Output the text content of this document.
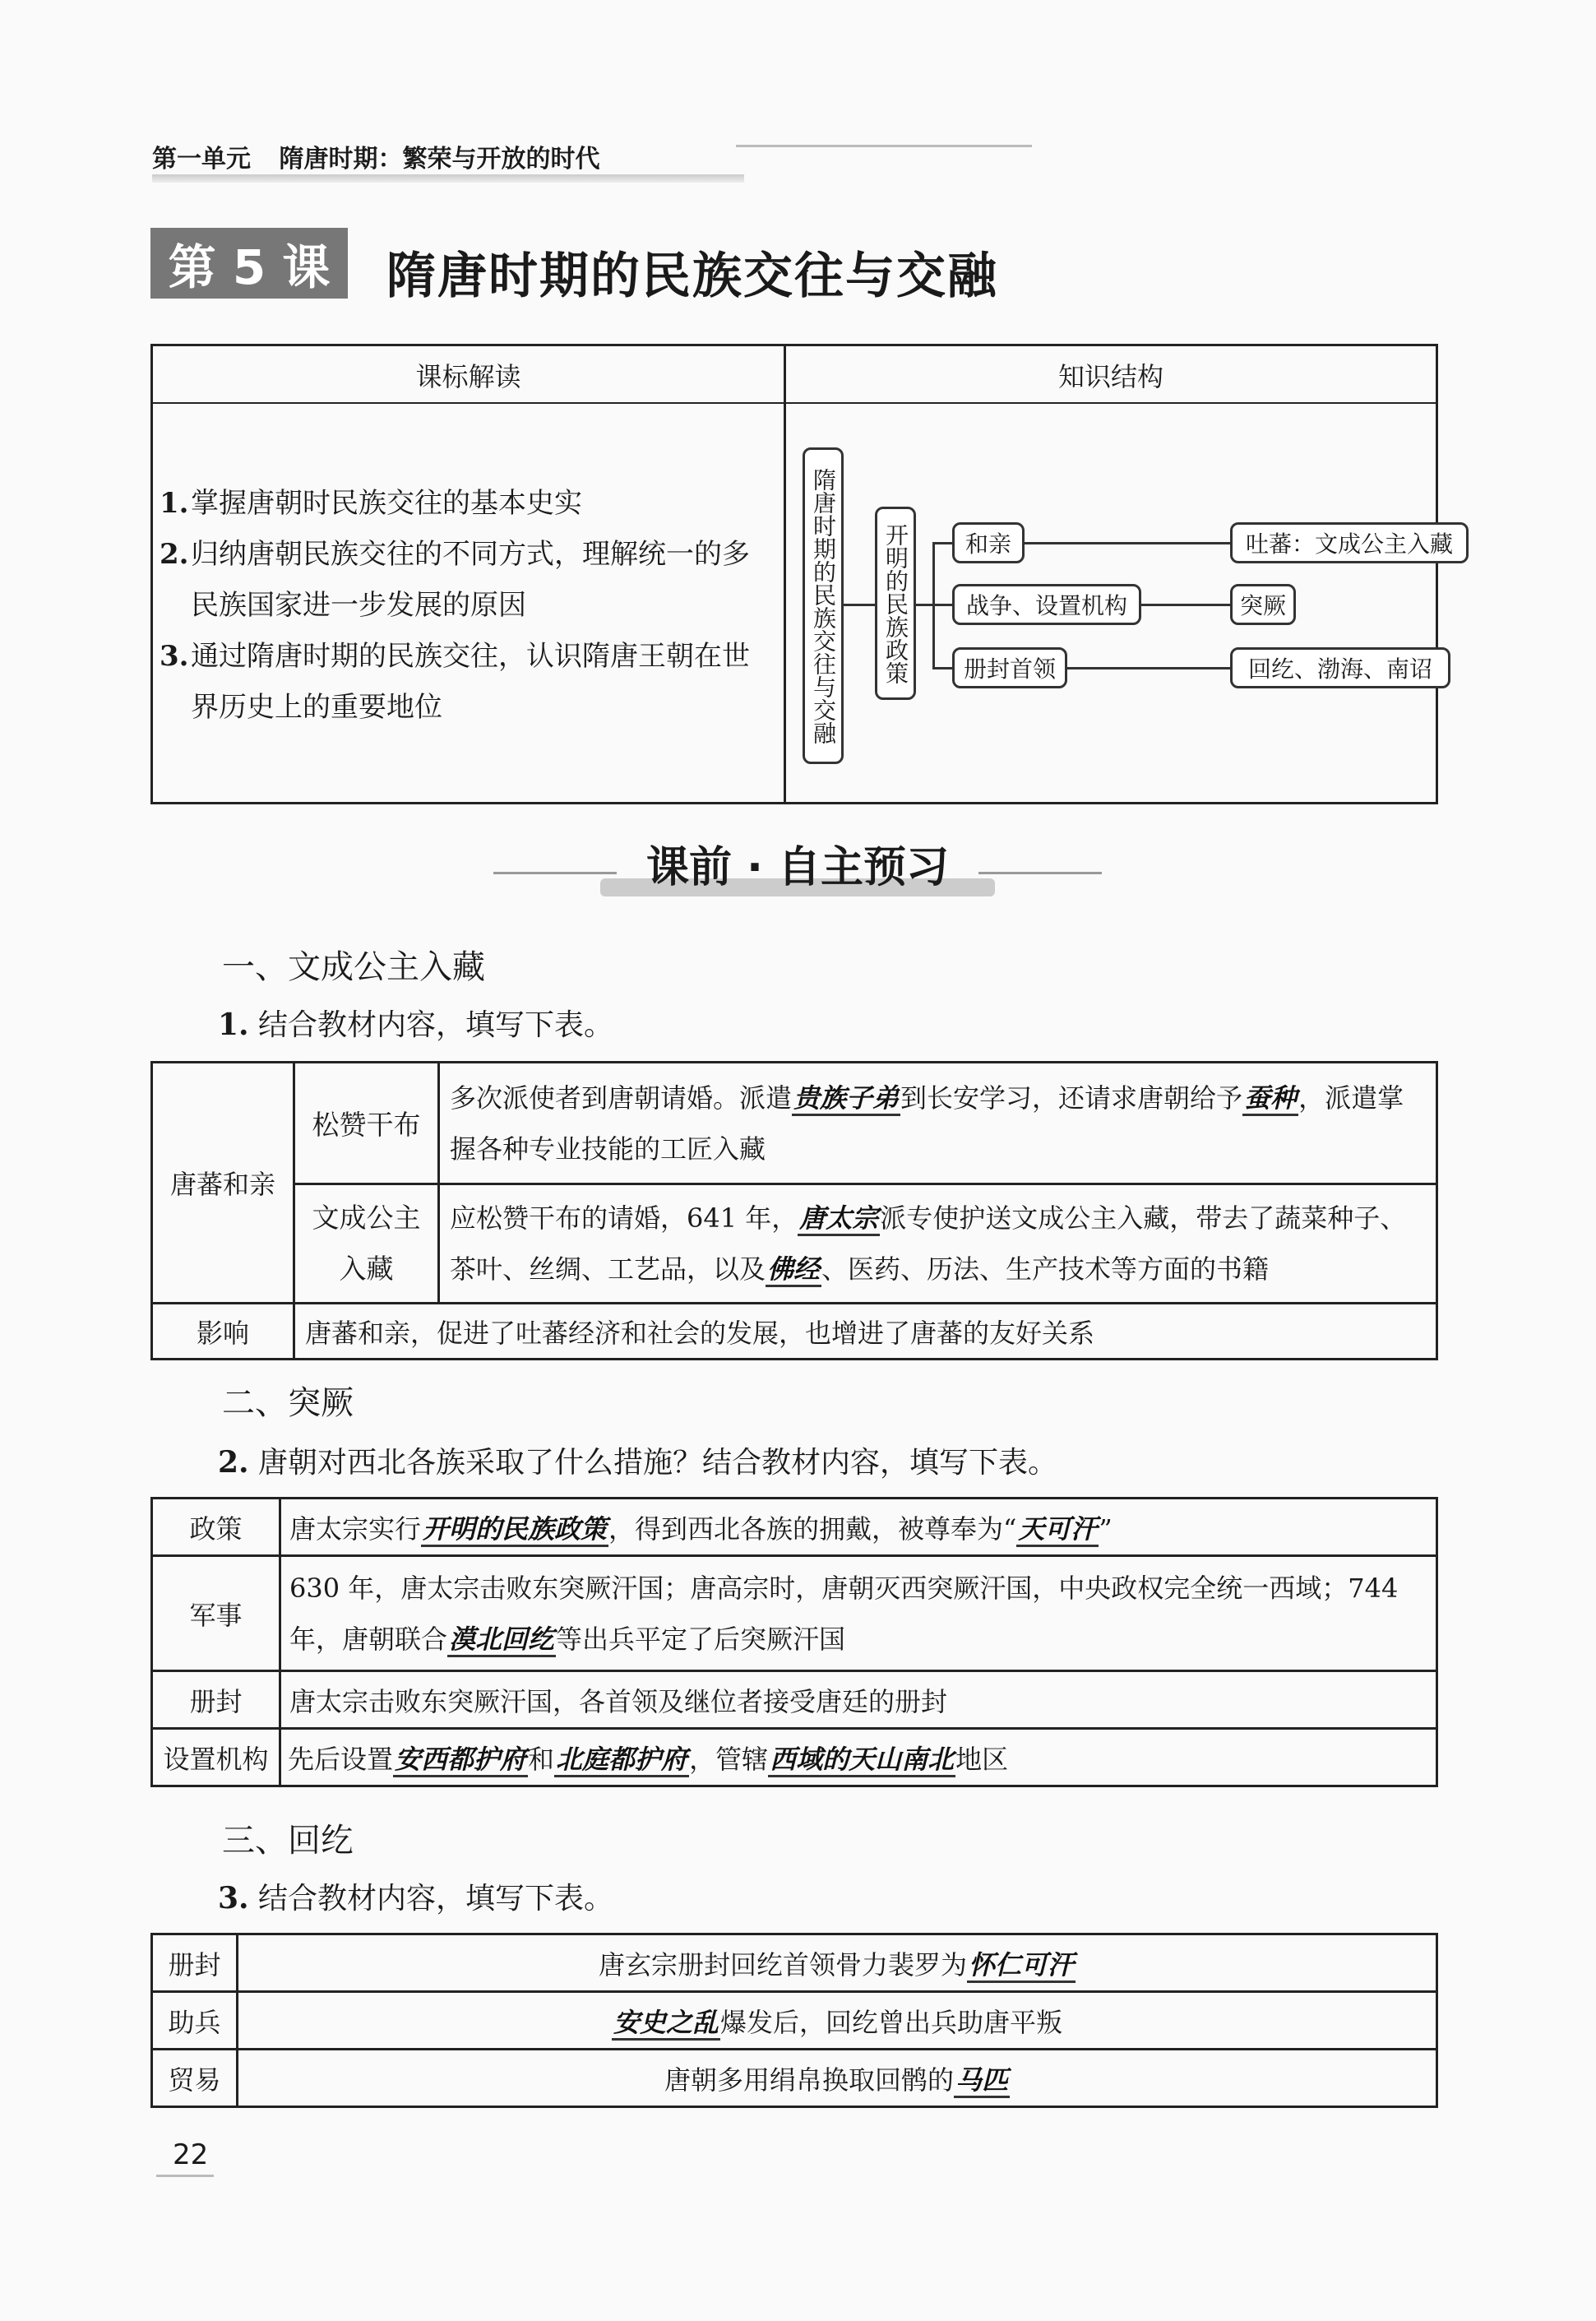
第一单元 隋唐时期：繁荣与开放的时代
第 5 课 隋唐时期的民族交往与交融
课标解读	知识结构
1. 掌握唐朝时民族交往的基本史实
2. 归纳唐朝民族交往的不同方式，理解统一的多民族国家进一步发展的原因
3. 通过隋唐时期的民族交往，认识隋唐王朝在世界历史上的重要地位	隋唐时期的民族交往与交融 开明的民族政策 和亲	吐蕃：文成公主入藏
战争、设置机构	突厥
册封首领	回纥、渤海、南诏
课前 · 自主预习
一、文成公主入藏
1. 结合教材内容，填写下表。
唐蕃和亲	松赞干布	多次派使者到唐朝请婚。派遣贵族子弟到长安学习，还请求唐朝给予蚕种，派遣掌握各种专业技能的工匠入藏
	文成公主
入藏	应松赞干布的请婚，641 年，唐太宗派专使护送文成公主入藏，带去了蔬菜种子、茶叶、丝绸、工艺品，以及佛经、医药、历法、生产技术等方面的书籍
影响	唐蕃和亲，促进了吐蕃经济和社会的发展，也增进了唐蕃的友好关系	
二、突厥
2. 唐朝对西北各族采取了什么措施？结合教材内容，填写下表。
政策	唐太宗实行开明的民族政策，得到西北各族的拥戴，被尊奉为“天可汗”
军事	630 年，唐太宗击败东突厥汗国；唐高宗时，唐朝灭西突厥汗国，中央政权完全统一西域；744 年，唐朝联合漠北回纥等出兵平定了后突厥汗国
册封	唐太宗击败东突厥汗国，各首领及继位者接受唐廷的册封
设置机构	先后设置安西都护府和北庭都护府，管辖西域的天山南北地区
三、回纥
3. 结合教材内容，填写下表。
册封	唐玄宗册封回纥首领骨力裴罗为怀仁可汗
助兵	安史之乱爆发后，回纥曾出兵助唐平叛
贸易	唐朝多用绢帛换取回鹘的马匹
22
